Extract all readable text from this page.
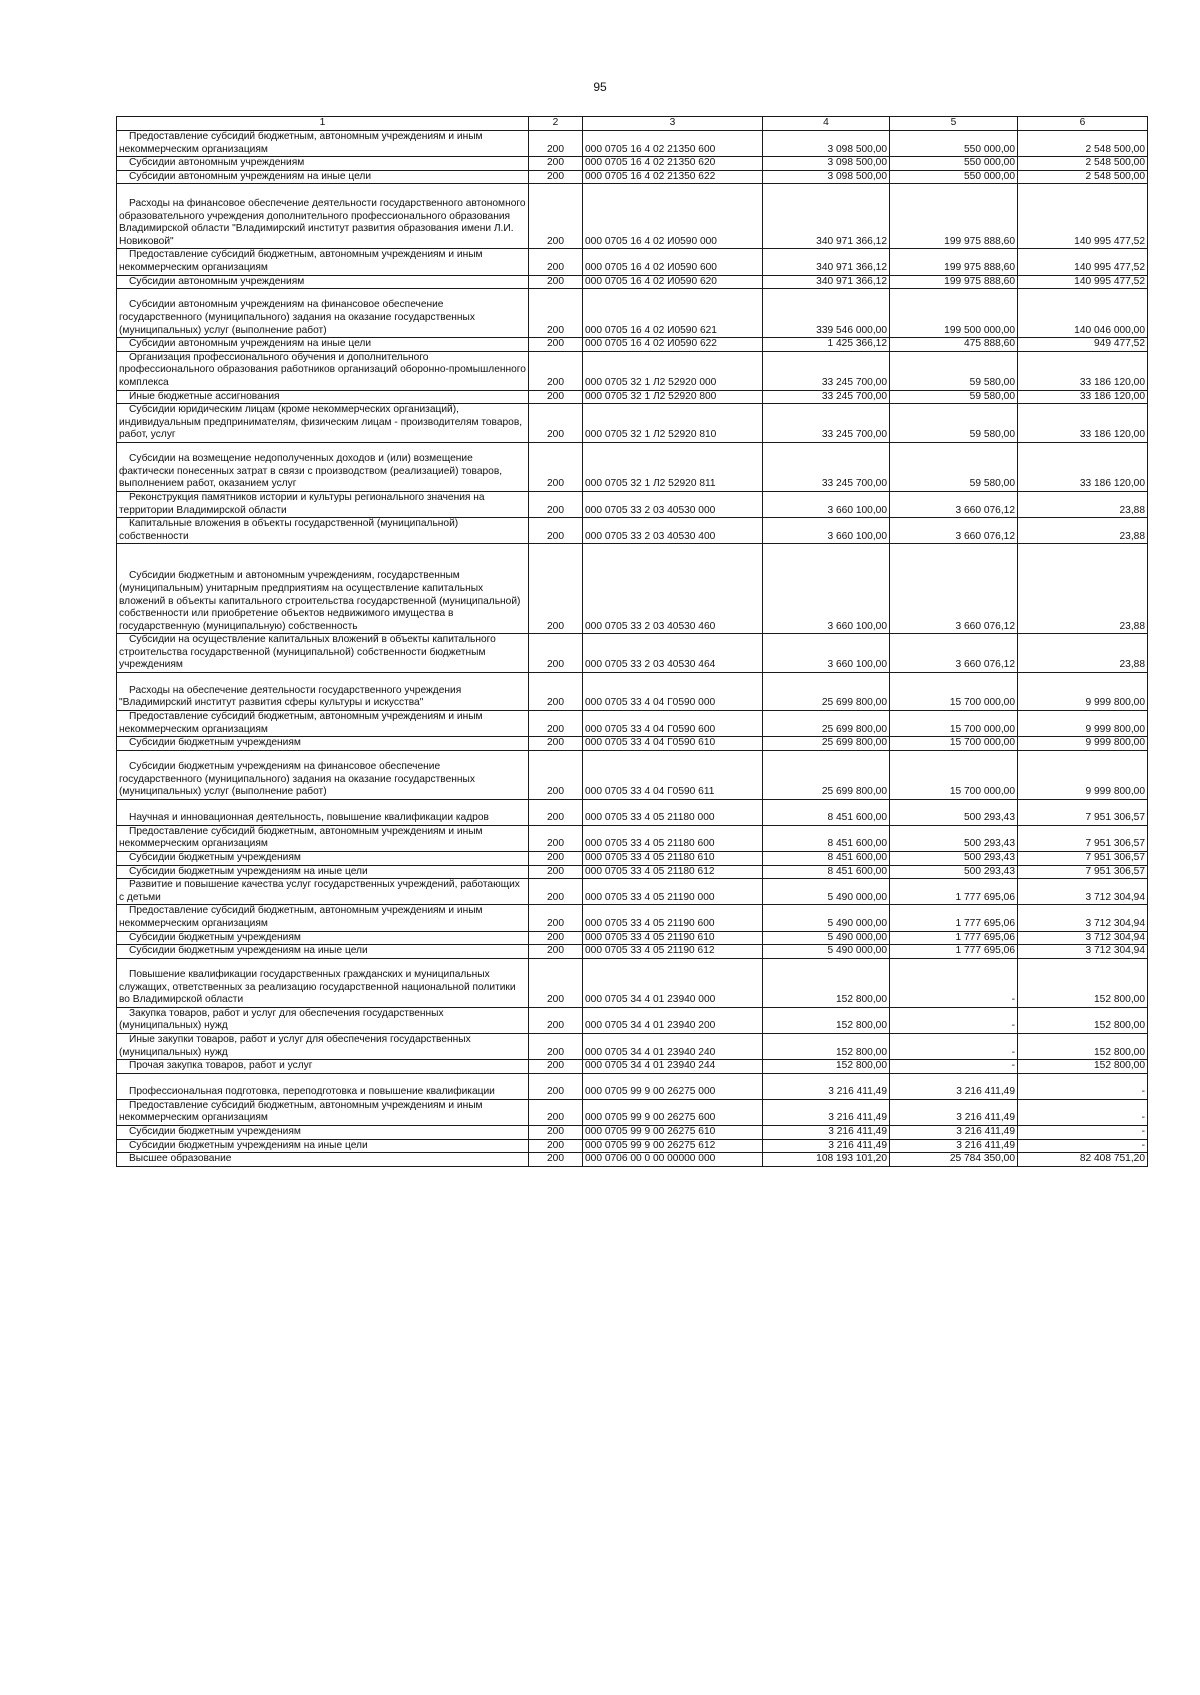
95
1	2	3	4	5	6

Предоставление субсидий бюджетным, автономным учреждениям и иным некоммерческим организациям	200	000 0705 16 4 02 21350 600	3 098 500,00	550 000,00	2 548 500,00

Субсидии автономным учреждениям	200	000 0705 16 4 02 21350 620	3 098 500,00	550 000,00	2 548 500,00

Субсидии автономным учреждениям на иные цели	200	000 0705 16 4 02 21350 622	3 098 500,00	550 000,00	2 548 500,00

Расходы на финансовое обеспечение деятельности государственного автономного образовательного учреждения дополнительного профессионального образования Владимирской области "Владимирский институт развития образования имени Л.И. Новиковой"	200	000 0705 16 4 02 И0590 000	340 971 366,12	199 975 888,60	140 995 477,52

Предоставление субсидий бюджетным, автономным учреждениям и иным некоммерческим организациям	200	000 0705 16 4 02 И0590 600	340 971 366,12	199 975 888,60	140 995 477,52

Субсидии автономным учреждениям	200	000 0705 16 4 02 И0590 620	340 971 366,12	199 975 888,60	140 995 477,52

Субсидии автономным учреждениям на финансовое обеспечение государственного (муниципального) задания на оказание государственных (муниципальных) услуг (выполнение работ)	200	000 0705 16 4 02 И0590 621	339 546 000,00	199 500 000,00	140 046 000,00

Субсидии автономным учреждениям на иные цели	200	000 0705 16 4 02 И0590 622	1 425 366,12	475 888,60	949 477,52

Организация профессионального обучения и дополнительного профессионального образования работников организаций оборонно-промышленного комплекса	200	000 0705 32 1 Л2 52920 000	33 245 700,00	59 580,00	33 186 120,00

Иные бюджетные ассигнования	200	000 0705 32 1 Л2 52920 800	33 245 700,00	59 580,00	33 186 120,00

Субсидии юридическим лицам (кроме некоммерческих организаций), индивидуальным предпринимателям, физическим лицам - производителям товаров, работ, услуг	200	000 0705 32 1 Л2 52920 810	33 245 700,00	59 580,00	33 186 120,00

Субсидии на возмещение недополученных доходов и (или) возмещение фактически понесенных затрат в связи с производством (реализацией) товаров, выполнением работ, оказанием услуг	200	000 0705 32 1 Л2 52920 811	33 245 700,00	59 580,00	33 186 120,00

Реконструкция памятников истории и культуры регионального значения на территории Владимирской области	200	000 0705 33 2 03 40530 000	3 660 100,00	3 660 076,12	23,88

Капитальные вложения в объекты государственной (муниципальной) собственности	200	000 0705 33 2 03 40530 400	3 660 100,00	3 660 076,12	23,88

Субсидии бюджетным и автономным учреждениям, государственным (муниципальным) унитарным предприятиям на осуществление капитальных вложений в объекты капитального строительства государственной (муниципальной) собственности или приобретение объектов недвижимого имущества в государственную (муниципальную) собственность	200	000 0705 33 2 03 40530 460	3 660 100,00	3 660 076,12	23,88

Субсидии на осуществление капитальных вложений в объекты капитального строительства государственной (муниципальной) собственности бюджетным учреждениям	200	000 0705 33 2 03 40530 464	3 660 100,00	3 660 076,12	23,88

Расходы на обеспечение деятельности государственного учреждения "Владимирский институт развития сферы культуры и искусства"	200	000 0705 33 4 04 Г0590 000	25 699 800,00	15 700 000,00	9 999 800,00

Предоставление субсидий бюджетным, автономным учреждениям и иным некоммерческим организациям	200	000 0705 33 4 04 Г0590 600	25 699 800,00	15 700 000,00	9 999 800,00

Субсидии бюджетным учреждениям	200	000 0705 33 4 04 Г0590 610	25 699 800,00	15 700 000,00	9 999 800,00

Субсидии бюджетным учреждениям на финансовое обеспечение государственного (муниципального) задания на оказание государственных (муниципальных) услуг (выполнение работ)	200	000 0705 33 4 04 Г0590 611	25 699 800,00	15 700 000,00	9 999 800,00

Научная и инновационная деятельность, повышение квалификации кадров	200	000 0705 33 4 05 21180 000	8 451 600,00	500 293,43	7 951 306,57

Предоставление субсидий бюджетным, автономным учреждениям и иным некоммерческим организациям	200	000 0705 33 4 05 21180 600	8 451 600,00	500 293,43	7 951 306,57

Субсидии бюджетным учреждениям	200	000 0705 33 4 05 21180 610	8 451 600,00	500 293,43	7 951 306,57

Субсидии бюджетным учреждениям на иные цели	200	000 0705 33 4 05 21180 612	8 451 600,00	500 293,43	7 951 306,57

Развитие и повышение качества услуг государственных учреждений, работающих с детьми	200	000 0705 33 4 05 21190 000	5 490 000,00	1 777 695,06	3 712 304,94

Предоставление субсидий бюджетным, автономным учреждениям и иным некоммерческим организациям	200	000 0705 33 4 05 21190 600	5 490 000,00	1 777 695,06	3 712 304,94

Субсидии бюджетным учреждениям	200	000 0705 33 4 05 21190 610	5 490 000,00	1 777 695,06	3 712 304,94

Субсидии бюджетным учреждениям на иные цели	200	000 0705 33 4 05 21190 612	5 490 000,00	1 777 695,06	3 712 304,94

Повышение квалификации государственных гражданских и муниципальных служащих, ответственных за реализацию государственной национальной политики во Владимирской области	200	000 0705 34 4 01 23940 000	152 800,00	-	152 800,00

Закупка товаров, работ и услуг для обеспечения государственных (муниципальных) нужд	200	000 0705 34 4 01 23940 200	152 800,00	-	152 800,00

Иные закупки товаров, работ и услуг для обеспечения государственных (муниципальных) нужд	200	000 0705 34 4 01 23940 240	152 800,00	-	152 800,00

Прочая закупка товаров, работ и услуг	200	000 0705 34 4 01 23940 244	152 800,00	-	152 800,00

Профессиональная подготовка, переподготовка и повышение квалификации	200	000 0705 99 9 00 26275 000	3 216 411,49	3 216 411,49	-

Предоставление субсидий бюджетным, автономным учреждениям и иным некоммерческим организациям	200	000 0705 99 9 00 26275 600	3 216 411,49	3 216 411,49	-

Субсидии бюджетным учреждениям	200	000 0705 99 9 00 26275 610	3 216 411,49	3 216 411,49	-

Субсидии бюджетным учреждениям на иные цели	200	000 0705 99 9 00 26275 612	3 216 411,49	3 216 411,49	-

Высшее образование	200	000 0706 00 0 00 00000 000	108 193 101,20	25 784 350,00	82 408 751,20
